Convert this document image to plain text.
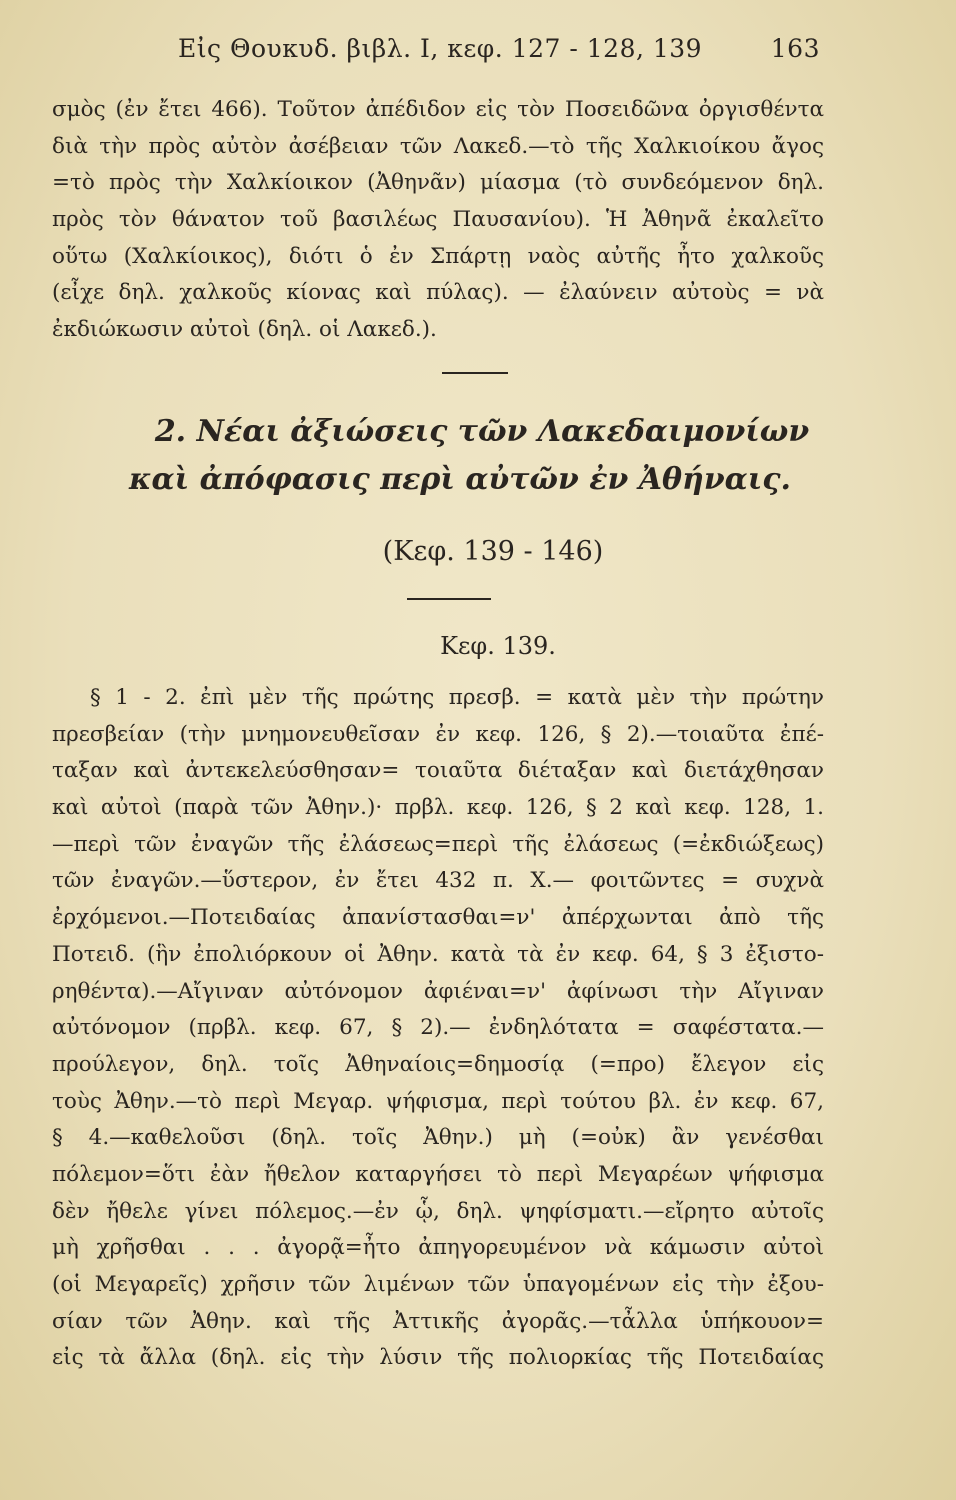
Εἰς Θουκυδ. βιβλ. Ι, κεφ. 127 - 128, 139	163
σμὸς (ἐν ἔτει 466). Τοῦτον ἀπέδιδον εἰς τὸν Ποσειδῶνα ὀργισθέντα
διὰ τὴν πρὸς αὐτὸν ἀσέβειαν τῶν Λακεδ.—τὸ τῆς Χαλκιοίκου ἄγος
=τὸ πρὸς τὴν Χαλκίοικον (Ἀθηνᾶν) μίασμα (τὸ συνδεόμενον δηλ.
πρὸς τὸν θάνατον τοῦ βασιλέως Παυσανίου). Ἡ Ἀθηνᾶ ἐκαλεῖτο
οὕτω (Χαλκίοικος), διότι ὁ ἐν Σπάρτῃ ναὸς αὐτῆς ἦτο χαλκοῦς
(εἶχε δηλ. χαλκοῦς κίονας καὶ πύλας). — ἐλαύνειν αὐτοὺς = νὰ
ἐκδιώκωσιν αὐτοὶ (δηλ. οἱ Λακεδ.).
2. Νέαι ἀξιώσεις τῶν Λακεδαιμονίων
καὶ ἀπόφασις περὶ αὐτῶν ἐν Ἀθήναις.
(Κεφ. 139 - 146)
Κεφ. 139.
§ 1 - 2. ἐπὶ μὲν τῆς πρώτης πρεσβ. = κατὰ μὲν τὴν πρώτην
πρεσβείαν (τὴν μνημονευθεῖσαν ἐν κεφ. 126, § 2).—τοιαῦτα ἐπέ-
ταξαν καὶ ἀντεκελεύσθησαν= τοιαῦτα διέταξαν καὶ διετάχθησαν
καὶ αὐτοὶ (παρὰ τῶν Ἀθην.)· πρβλ. κεφ. 126, § 2 καὶ κεφ. 128, 1.
—περὶ τῶν ἐναγῶν τῆς ἐλάσεως=περὶ τῆς ἐλάσεως (=ἐκδιώξεως)
τῶν ἐναγῶν.—ὕστερον, ἐν ἔτει 432 π. Χ.— φοιτῶντες = συχνὰ
ἐρχόμενοι.—Ποτειδαίας ἀπανίστασθαι=ν' ἀπέρχωνται ἀπὸ τῆς
Ποτειδ. (ἣν ἐπολιόρκουν οἱ Ἀθην. κατὰ τὰ ἐν κεφ. 64, § 3 ἐξιστο-
ρηθέντα).—Αἴγιναν αὐτόνομον ἀφιέναι=ν' ἀφίνωσι τὴν Αἴγιναν
αὐτόνομον (πρβλ. κεφ. 67, § 2).— ἐνδηλότατα = σαφέστατα.—
προύλεγον, δηλ. τοῖς Ἀθηναίοις=δημοσίᾳ (=προ) ἔλεγον εἰς
τοὺς Ἀθην.—τὸ περὶ Μεγαρ. ψήφισμα, περὶ τούτου βλ. ἐν κεφ. 67,
§ 4.—καθελοῦσι (δηλ. τοῖς Ἀθην.) μὴ (=οὐκ) ἂν γενέσθαι
πόλεμον=ὅτι ἐὰν ἤθελον καταργήσει τὸ περὶ Μεγαρέων ψήφισμα
δὲν ἤθελε γίνει πόλεμος.—ἐν ᾧ, δηλ. ψηφίσματι.—εἴρητο αὐτοῖς
μὴ χρῆσθαι . . . ἀγορᾷ=ἦτο ἀπηγορευμένον νὰ κάμωσιν αὐτοὶ
(οἱ Μεγαρεῖς) χρῆσιν τῶν λιμένων τῶν ὑπαγομένων εἰς τὴν ἐξου-
σίαν τῶν Ἀθην. καὶ τῆς Ἀττικῆς ἀγορᾶς.—τἆλλα ὑπήκουον=
εἰς τὰ ἄλλα (δηλ. εἰς τὴν λύσιν τῆς πολιορκίας τῆς Ποτειδαίας
